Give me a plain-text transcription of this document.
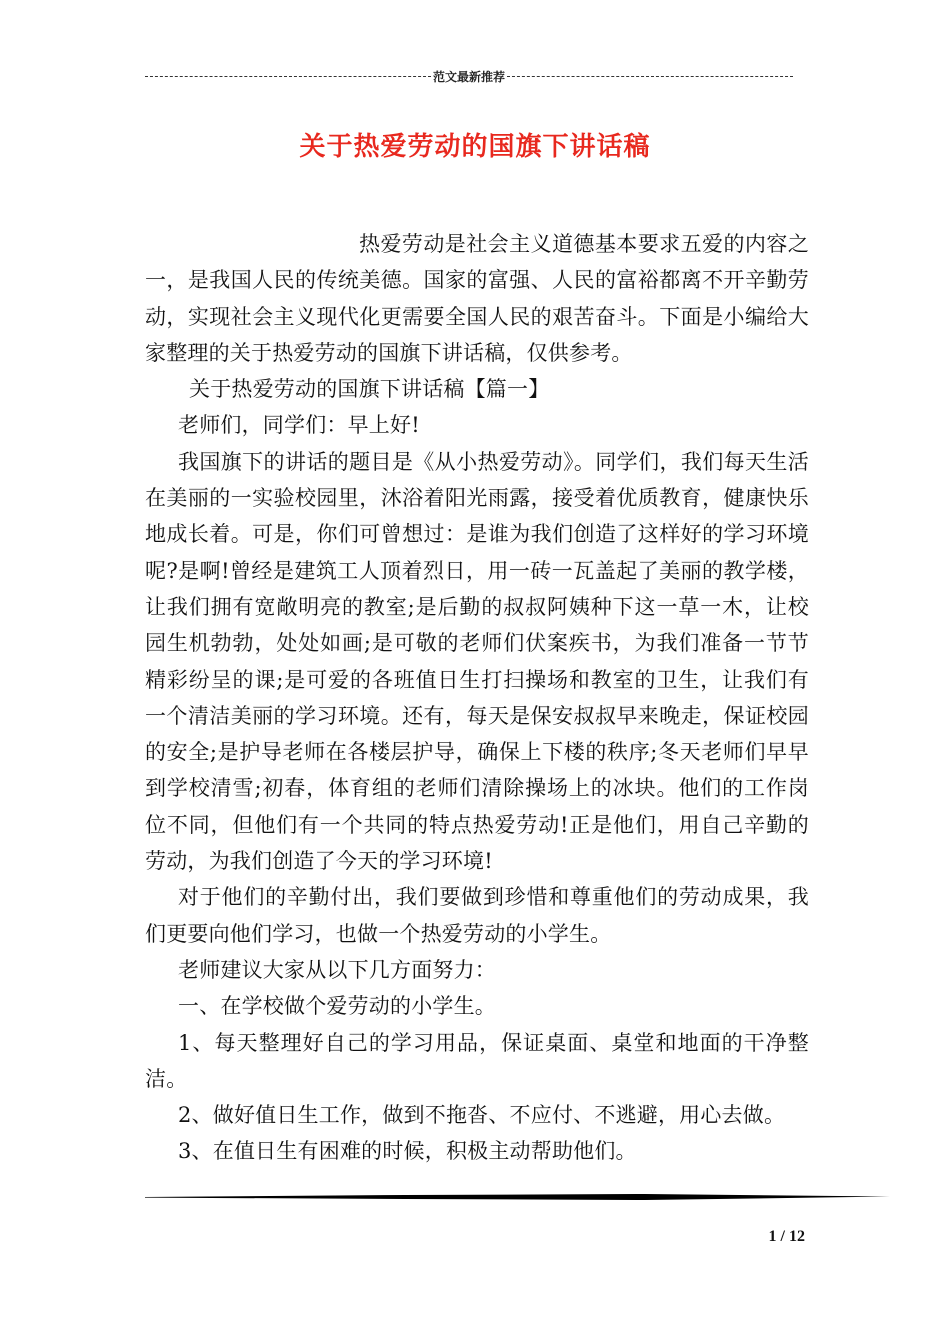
范文最新推荐
关于热爱劳动的国旗下讲话稿

热爱劳动是社会主义道德基本要求五爱的内容之一，是我国人民的传统美德。国家的富强、人民的富裕都离不开辛勤劳动，实现社会主义现代化更需要全国人民的艰苦奋斗。下面是小编给大家整理的关于热爱劳动的国旗下讲话稿，仅供参考。

关于热爱劳动的国旗下讲话稿【篇一】

老师们，同学们：早上好!

我国旗下的讲话的题目是《从小热爱劳动》。同学们，我们每天生活在美丽的一实验校园里，沐浴着阳光雨露，接受着优质教育，健康快乐地成长着。可是，你们可曾想过：是谁为我们创造了这样好的学习环境呢?是啊!曾经是建筑工人顶着烈日，用一砖一瓦盖起了美丽的教学楼，让我们拥有宽敞明亮的教室;是后勤的叔叔阿姨种下这一草一木，让校园生机勃勃，处处如画;是可敬的老师们伏案疾书，为我们准备一节节精彩纷呈的课;是可爱的各班值日生打扫操场和教室的卫生，让我们有一个清洁美丽的学习环境。还有，每天是保安叔叔早来晚走，保证校园的安全;是护导老师在各楼层护导，确保上下楼的秩序;冬天老师们早早到学校清雪;初春，体育组的老师们清除操场上的冰块。他们的工作岗位不同，但他们有一个共同的特点热爱劳动!正是他们，用自己辛勤的劳动，为我们创造了今天的学习环境!

对于他们的辛勤付出，我们要做到珍惜和尊重他们的劳动成果，我们更要向他们学习，也做一个热爱劳动的小学生。

老师建议大家从以下几方面努力：

一、在学校做个爱劳动的小学生。

1、每天整理好自己的学习用品，保证桌面、桌堂和地面的干净整洁。

2、做好值日生工作，做到不拖沓、不应付、不逃避，用心去做。

3、在值日生有困难的时候，积极主动帮助他们。

1 / 12
